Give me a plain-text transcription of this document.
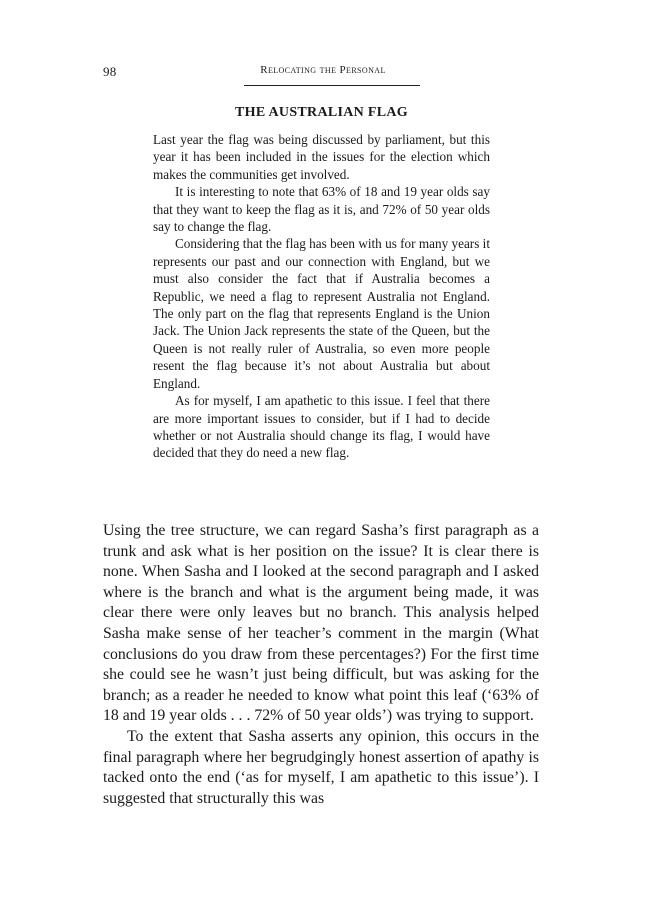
98	Relocating the Personal
THE AUSTRALIAN FLAG

Last year the flag was being discussed by parliament, but this year it has been included in the issues for the election which makes the communities get involved.

It is interesting to note that 63% of 18 and 19 year olds say that they want to keep the flag as it is, and 72% of 50 year olds say to change the flag.

Considering that the flag has been with us for many years it represents our past and our connection with England, but we must also consider the fact that if Australia becomes a Republic, we need a flag to represent Australia not England. The only part on the flag that represents England is the Union Jack. The Union Jack represents the state of the Queen, but the Queen is not really ruler of Australia, so even more people resent the flag because it’s not about Australia but about England.

As for myself, I am apathetic to this issue. I feel that there are more important issues to consider, but if I had to decide whether or not Australia should change its flag, I would have decided that they do need a new flag.

Using the tree structure, we can regard Sasha’s first paragraph as a trunk and ask what is her position on the issue? It is clear there is none. When Sasha and I looked at the second paragraph and I asked where is the branch and what is the argument being made, it was clear there were only leaves but no branch. This analysis helped Sasha make sense of her teacher’s comment in the margin (What conclusions do you draw from these percentages?) For the first time she could see he wasn’t just being difficult, but was asking for the branch; as a reader he needed to know what point this leaf (‘63% of 18 and 19 year olds . . . 72% of 50 year olds’) was trying to support.

To the extent that Sasha asserts any opinion, this occurs in the final paragraph where her begrudgingly honest assertion of apathy is tacked onto the end (‘as for myself, I am apathetic to this issue’). I suggested that structurally this was
